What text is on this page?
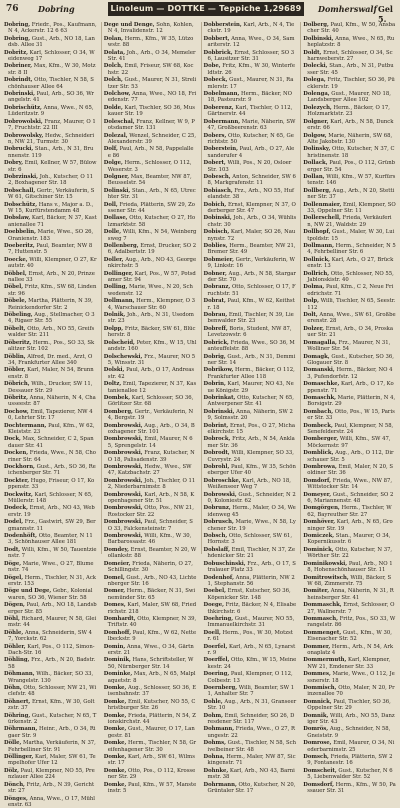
76 Dobring	Linoleum — DOTTKE — Teppiche 1,29689	Domherswalf Gel 5.
Dobring, Friedr., Pos., Kaufmann, N 4, Ackerstr. 12 6 63
Dobring, Gust., Arb., NO 18, Landsb. Allee 31
Dobritz, Karl, Schlosser, O 34, Weidenweg 17
Dobriner, Max, Kfm., W 30, Motzstr. 8 II
Dobrindt, Otto, Tischler, N 58, Schönhauser Allee 64
Dobrinski, Paul, Arb., SO 36, Wrangelstr. 41
Dobrischütz, Anna, Wwe., N 65, Lüderitzstr. 9
Dobrowolski, Franz, Maurer, O 17, Fruchtstr. 22 III
Dobrowolsky, Hedw., Schneiderin, NW 21, Turmstr. 30
Dobrucki, Stan., Arb., N 31, Brunnenstr. 119
Dobry, Emil, Kellner, W 57, Bülowstr. 6
Dobrzinski, Joh., Kutscher, O 112, Boxhagener Str. 18
Dobschall, Gertr., Verkäuferin, SW 61, Gitschiner Str. 15
Dobschütz, Hans v., Major a. D., W 15, Kurfürstendamm 48
Dobslaw, Karl, Bäcker, N 37, Kastanienallee 71
Doebbelin, Marie, Wwe., SO 26, Oranienstr. 183
Doeberitz, Paul, Beamter, NW 87, Huttenstr. 5
Doecke, Willi, Klempner, O 27, Krautstr. 40
Döbbel, Ernst, Arb., N 20, Prinzenallee 33
Döbel, Fritz, Kfm., SW 68, Lindenstr. 96
Döbele, Martha, Plätterin, N 39, Reinickendorfer Str. 2
Döbeling, Aug., Stellmacher, O 34, Rigaer Str. 55
Döbelt, Otto, Arb., NO 55, Greifswalder Str. 211
Döberitz, Herm., Pos., SO 33, Skalitzer Str. 102
Döblin, Alfred, Dr. med., Arzt, O 34, Frankfurter Allee 340
Döbler, Karl, Maler, N 54, Brunnenstr. 8
Döbrich, Wilh., Drucker, SW 11, Dessauer Str. 29
Döbritz, Anna, Näherin, N 4, Chausseestr. 87
Dochow, Emil, Tapezierer, NW 40, Lehrter Str. 17
Dochtermann, Paul, Kfm., W 62, Kleiststr. 23
Dock, Max, Schneider, C 2, Spandauer Str. 41
Docken, Frieda, Wwe., N 58, Choriner Str. 64
Dockhorn, Gust., Arb., SO 36, Reichenberger Str. 71
Dockter, Hugo, Friseur, O 17, Koppenstr. 33
Dockwitz, Karl, Schlosser, N 65, Müllerstr. 148
Dodeck, Ernst, Arb., NO 43, Weberstr. 19
Dodel, Frz., Gastwirt, SW 29, Bergmannstr. 11
Dodenhöft, Otto, Beamter, N 113, Schönhauser Allee 181
Dodt, Willi, Kfm., W 50, Tauentzienstr. 7
Döge, Marie, Wwe., O 27, Blumenstr. 74
Dögel, Herm., Tischler, N 31, Ackerstr. 153
Döge und Dege, Gebr., Kolonialwaren, SO 36, Wiener Str. 58
Dögen, Paul, Arb., NO 18, Landsberger Str. 85
Döhl, Richard, Maurer, N 58, Gleimstr. 44
Döhle, Anna, Schneiderin, SW 47, Yorckstr. 62
Döhler, Karl, Pos., O 112, Simon-Dach-Str. 16
Döhling, Frz., Arb., N 20, Badstr. 58
Döhmann, Wilh., Bäcker, SO 33, Wrangelstr. 130
Döhn, Otto, Schlosser, NW 21, Wiclefstr. 48
Döhnert, Ernst, Kfm., W 30, Goltzstr. 37
Döhring, Gust., Kutscher, N 65, Türkenstr. 2
Döhrmann, Heinr., Arb., O 34, Rigaer Str. 9
Dölle, Martha, Verkäuferin, N 37, Fehrbelliner Str. 91
Döllinger, Karl, Maler, SW 61, Tempelhofer Ufer 12
Dölz, Paul, Klempner, NO 55, Prenzlauer Allee 224
Dönch, Fritz, Arb., N 39, Gerichtstr. 27
Dönges, Anna, Wwe., O 17, Mühlenstr. 63
Dege und Denge, Sohn, Kohlen, N 4, Invalidenstr. 12
Dolan, Herm., Kfm., W 35, Lützowstr. 88
Dolata, Joh., Arb., O 34, Memeler Str. 41
Dolch, Emil, Friseur, SW 68, Kochstr. 22
Dolch, Gust., Maurer, N 31, Strelitzer Str. 53
Dolchow, Anna, Wwe., NO 18, Friedenstr. 77
Dolde, Karl, Tischler, SO 36, Muskauer Str. 19
Doleschal, Franz, Kellner, W 9, Potsdamer Str. 131
Dolezal, Wenzel, Schneider, C 25, Alexanderstr. 39
Dolf, Paul, Arb., N 58, Pappelallee 86
Dolge, Herm., Schlosser, O 112, Weserstr. 3
Dolgner, Max, Beamter, NW 87, Beusselstr. 54
Dolinski, Stan., Arb., N 65, Utrechter Str. 31
Doll, Frieda, Plätterin, SW 29, Zossener Str. 44
Dollase, Otto, Kutscher, O 27, Holzmarktstr. 58
Dolle, Willi, Kfm., N 54, Weinbergsweg 7
Dollenberg, Ernst, Drucker, SO 26, Adalbertstr. 19
Doller, Aug., Arb., NO 43, Georgenkirchstr. 5
Dollinger, Karl, Pos., W 57, Potsdamer Str. 94
Dolling, Marie, Wwe., N 20, Schwedenstr. 12
Dollmann, Herm., Klempner, O 34, Warschauer Str. 60
Dolnik, Joh., Arb., N 31, Usedomstr. 23
Dolpp, Fritz, Bäcker, SW 61, Blücherstr. 8
Dolscheid, Peter, Kfm., W 15, Uhlandstr. 160
Dolschewski, Frz., Maurer, NO 55, Winsstr. 31
Dolski, Paul, Arb., O 17, Andreasstr. 42
Doltz, Emil, Tapezierer, N 37, Kastanienallee 12
Dombek, Karl, Schlosser, SO 36, Görlitzer Str. 68
Domberg, Gertr., Verkäuferin, N 4, Bergstr. 19
Dombrowski, Aug., Arb., O 34, Boxhagener Str. 101
Dombrowski, Emil, Maurer, N 65, Sprengelstr. 14
Dombrowski, Franz, Kutscher, NO 18, Palisadenstr. 39
Dombrowski, Hedw., Wwe., SW 47, Katzbachstr. 27
Dombrowski, Joh., Tischler, O 112, Niederbarnimstr. 8
Dombrowski, Karl, Arb., N 58, Kopenhagener Str. 51
Dombrowski, Otto, Pos., NW 21, Rostocker Str. 22
Dombrowski, Paul, Schneider, SO 33, Falckensteinstr. 7
Dombrowski, Willi, Kfm., W 30, Barbarossastr. 46
Domdey, Ernst, Beamter, N 20, Wollankstr. 88
Domeier, Frieda, Näherin, O 27, Schillingstr. 30
Domel, Gust., Arb., NO 43, Lichtenberger Str. 16
Domer, Herm., Bäcker, N 31, Swinemünder Str. 65
Domes, Karl, Maler, SW 68, Friedrichstr. 218
Domhardt, Otto, Klempner, N 39, Triftstr. 40
Domhoff, Paul, Kfm., W 62, Nettelbeckstr. 9
Domin, Anna, Wwe., O 34, Gärtnerstr. 21
Dominik, Hans, Schriftsteller, W 50, Nürnberger Str. 14
Dominke, Max, Arb., N 65, Malplaquetstr. 8
Domke, Aug., Schlosser, SO 36, Eisenbahnstr. 37
Domke, Emil, Kutscher, NO 55, Christburger Str. 26
Domke, Frieda, Plätterin, N 54, Zionskirchstr. 44
Domke, Gust., Maurer, O 17, Langestr. 81
Domke, Herm., Tischler, N 58, Greifenhagener Str. 30
Domke, Karl, Arb., SW 61, Wilmsstr. 17
Domke, Otto, Pos., O 112, Krossener Str. 29
Domke, Paul, Kfm., W 57, Mansteinstr. 5
Dobberstein, Karl, Arb., N 4, Tieckstr. 19
Dobbert, Anna, Wwe., O 34, Samariterstr. 12
Dobbrick, Ernst, Schlosser, SO 36, Lausitzer Str. 31
Dobe, Fritz, Kfm., W 30, Winterfeldtstr. 26
Dobeck, Gust., Maurer, N 31, Ramlerstr. 17
Dobelmann, Herm., Bäcker, NO 18, Pasteurstr. 9
Doberenz, Karl, Tischler, O 112, Gärtnerstr. 44
Dobermann, Marie, Näherin, SW 47, Großbeerenstr. 63
Dobers, Otto, Kutscher, N 65, Gerichtstr. 50
Doberstein, Paul, Arb., O 27, Alexanderufer 4
Dobert, Willi, Pos., N 20, Osloer Str. 103
Dobesch, Anton, Schneider, SW 68, Markgrafenstr. 11
Dobiasch, Frz., Arb., NO 55, Hufelandstr. 38
Dobich, Ernst, Klempner, N 37, Oderberger Str. 47
Dobinski, Joh., Arb., O 34, Wühlischstr. 30
Dobisch, Karl, Maler, SO 26, Naunynstr. 72
Doblies, Herm., Beamter, NW 21, Bremer Str. 49
Dobmeier, Gertr., Verkäuferin, W 9, Linkstr. 16
Dobner, Aug., Arb., N 58, Stargarder Str. 70
Dobranz, Otto, Schlosser, O 17, Fruchtstr. 51
Dobrat, Paul, Kfm., W 62, Keithstr. 18
Dobrau, Emil, Tischler, N 39, Liebenwalder Str. 23
Dobreff, Boris, Student, NW 87, Levetzowstr. 6
Dobrick, Frieda, Wwe., SO 36, Manteuffelstr. 88
Dobrig, Gust., Arb., N 31, Demminer Str. 14
Dobrikow, Herm., Bäcker, O 112, Frankfurter Allee 118
Dobrin, Karl, Maurer, NO 43, Neue Königstr. 29
Dobrinkat, Otto, Kutscher, N 65, Antwerpener Str. 41
Dobrinski, Anna, Näherin, SW 29, Solmsstr. 20
Dobrint, Ernst, Pos., O 27, Michaelkirchstr. 15
Dobrock, Fritz, Arb., N 54, Anklamer Str. 36
Dobrodt, Willi, Klempner, SO 33, Cuvrystr. 24
Dobrohl, Paul, Kfm., W 35, Schöneberger Ufer 40
Dobroschke, Karl, Arb., NO 18, Weißenseer Weg 7
Dobrowski, Gust., Schneider, N 20, Koloniestr. 62
Dobrunz, Herm., Maler, O 34, Weidenweg 45
Dobrusch, Marie, Wwe., N 58, Lychener Str. 19
Dobsch, Otto, Schlosser, SW 61, Hornstr. 3
Dobslaff, Emil, Tischler, N 37, Zehdenicker Str. 21
Dobuschinski, Frz., Arb., O 17, Stralauer Platz 33
Dodenhof, Anna, Plätterin, NW 21, Stephanstr. 56
Doebel, Ernst, Kutscher, SO 36, Köpenicker Str. 148
Doege, Fritz, Bäcker, N 4, Elisabethkirchstr. 6
Doehring, Gust., Maurer, NO 55, Immanuelkirchstr. 31
Doell, Herm., Pos., W 30, Motzstr. 61
Doerfel, Karl, Arb., N 65, Lynarstr. 9
Doerffel, Otto, Kfm., W 15, Meinekestr. 24
Doering, Paul, Klempner, O 112, Colbestr. 13
Doernberg, Willi, Beamter, SW 11, Anhalter Str. 7
Dohle, Aug., Arb., N 31, Granseer Str. 10
Dohm, Emil, Schneider, SO 26, Dresdener Str. 117
Dohmann, Frieda, Wwe., O 27, Rungestr. 22
Dohms, Gust., Tischler, N 58, Schivelbeiner Str. 48
Dohna, Herm., Maler, NW 87, Sickingenstr. 71
Dohnke, Karl, Arb., NO 43, Barnimstr. 38
Dohrmann, Otto, Kutscher, N 20, Grüntaler Str. 17
Dolberg, Paul, Kfm., W 50, Ansbacher Str. 40
Dolbinski, Anna, Wwe., N 65, Ruheplatzstr. 8
Doldt, Ernst, Schlosser, O 34, Scharnweberstr. 27
Dolecki, Stan., Arb., N 31, Putbusser Str. 45
Dolega, Fritz, Tischler, SO 36, Pücklerstr. 19
Dolenga, Gust., Maurer, NO 18, Landsberger Allee 102
Dolezych, Herm., Bäcker, O 17, Holzmarktstr. 23
Dolgner, Karl, Arb., N 58, Dunckerstr. 66
Dolgow, Marie, Näherin, SW 68, Alte Jakobstr. 130
Dolinsky, Otto, Kutscher, N 37, Christinenstr. 18
Dollack, Paul, Pos., O 112, Grünberger Str. 54
Dollan, Willi, Kfm., W 57, Kurfürstenstr. 146
Dollberg, Aug., Arb., N 20, Stettiner Str. 37
Dollenmaier, Emil, Klempner, SO 33, Oppelner Str. 11
Dollerschell, Frieda, Verkäuferin, NW 21, Waldstr. 29
Dollhopf, Gust., Maler, W 30, Luitpoldstr. 15
Dollmann, Herm., Schneider, N 54, Fehrbelliner Str. 6
Dollnick, Karl, Arb., O 27, Brückenstr. 13
Dollrich, Otto, Schlosser, NO 55, Jablonskistr. 40
Dolma, Paul, Kfm., C 2, Neue Friedrichstr. 71
Dolp, Willi, Tischler, N 65, Seestr. 112
Dolt, Anna, Wwe., SW 61, Großbeerenstr. 28
Dolzer, Ernst, Arb., O 34, Proskauer Str. 21
Domagalla, Frz., Maurer, N 31, Wolliner Str. 54
Domagk, Gust., Kutscher, SO 36, Glogauer Str. 8
Domanski, Herm., Bäcker, NO 43, Pufendorfstr. 12
Domaschke, Karl, Arb., O 17, Koppenstr. 71
Domaschk, Marie, Plätterin, N 4, Borsigstr. 29
Dombach, Otto, Pos., W 15, Pariser Str. 33
Dombeck, Paul, Klempner, N 58, Senefelderstr. 24
Domberger, Willi, Kfm., SW 47, Möckernstr. 97
Domblick, Aug., Arb., O 112, Dirschauer Str. 5
Dombrowa, Emil, Maler, N 20, Soldiner Str. 36
Domdorf, Frieda, Wwe., NW 87, Wittstocker Str. 14
Domeyer, Gust., Schneider, SO 26, Mariannenstr. 48
Domgörgen, Herm., Tischler, W 62, Bayreuther Str. 27
Domhöver, Karl, Arb., N 65, Groninger Str. 19
Domiczek, Stan., Maurer, O 34, Kopernikusstr. 6
Dominick, Otto, Kutscher, N 37, Wörther Str. 22
Dominikowski, Paul, Arb., NO 18, Hohenschönhauser Str. 11
Domitrowitsch, Willi, Bäcker, SW 68, Zimmerstr. 75
Domiter, Anna, Näherin, N 31, Rheinsberger Str. 41
Dommaschk, Ernst, Schlosser, O 27, Wallnerstr. 7
Dommasch, Fritz, Pos., SO 33, Wrangelstr. 86
Dommenget, Gust., Kfm., W 30, Eisenacher Str. 52
Dommer, Herm., Arb., N 54, Arkonaplatz 4
Dommermuth, Karl, Klempner, NW 21, Emdener Str. 33
Dommes, Marie, Wwe., O 112, Jessnerstr. 18
Dommisch, Otto, Maler, N 20, Prinzenallee 70
Domnick, Paul, Tischler, SO 36, Oppelner Str. 29
Domnik, Willi, Arb., NO 55, Danziger Str. 43
Domrös, Aug., Schneider, N 58, Gneiststr. 9
Domrose, Emil, Maurer, O 34, Niederbarnimstr. 25
Domsch, Frieda, Plätterin, SW 29, Fontanestr. 16
Domscheit, Gust., Kutscher, N 65, Liebenwalder Str. 52
Domsdorf, Herm., Kfm., W 50, Passauer Str. 31
